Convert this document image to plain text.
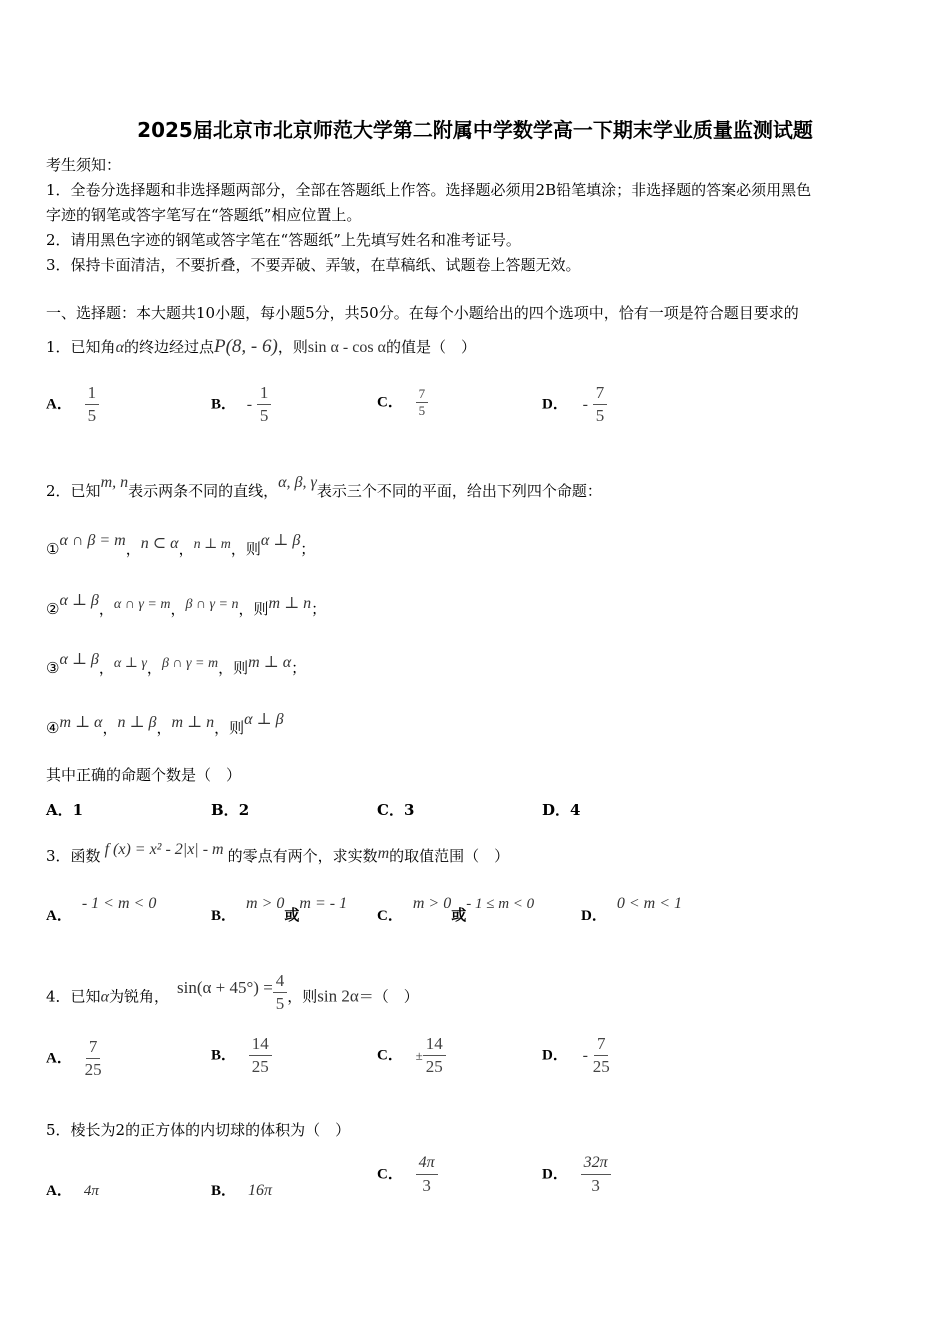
2025届北京市北京师范大学第二附属中学数学高一下期末学业质量监测试题
考生须知：
1．全卷分选择题和非选择题两部分，全部在答题纸上作答。选择题必须用2B铅笔填涂；非选择题的答案必须用黑色
字迹的钢笔或答字笔写在“答题纸”相应位置上。
2．请用黑色字迹的钢笔或答字笔在“答题纸”上先填写姓名和准考证号。
3．保持卡面清洁，不要折叠，不要弄破、弄皱，在草稿纸、试题卷上答题无效。
一、选择题：本大题共10小题，每小题5分，共50分。在每个小题给出的四个选项中，恰有一项是符合题目要求的
1．已知角α的终边经过点P(8, - 6)，则sin α - cos α的值是（　）
A． $\frac{1}{5}$	B． - $\frac{1}{5}$	C． $\frac{7}{5}$	D． - $\frac{7}{5}$
2．已知m, n表示两条不同的直线，α, β, γ表示三个不同的平面，给出下列四个命题：
①α ∩ β = m，n ⊂ α，n ⊥ m，则α ⊥ β；
②α ⊥ β，α ∩ γ = m，β ∩ γ = n，则m ⊥ n；
③α ⊥ β，α ⊥ γ，β ∩ γ = m，则m ⊥ α；
④m ⊥ α，n ⊥ β，m ⊥ n，则α ⊥ β
其中正确的命题个数是（　）
A．1	B．2	C．3	D．4
3．函数 f (x) = x² - 2|x| - m 的零点有两个，求实数m的取值范围（　）
A．- 1 < m < 0
B．m > 0或m = - 1
C．m > 0或- 1 ≤ m < 0
D．0 < m < 1
4．已知α为锐角， $\sin(\alpha + 45^\circ) = \frac{4}{5}$ ，则sin 2α＝（　）
A． $\frac{7}{25}$	B． $\frac{14}{25}$	C． ± $\frac{14}{25}$	D． - $\frac{7}{25}$
5．棱长为2的正方体的内切球的体积为（　）
A． 4π	B． 16π
C． $\frac{4\pi}{3}$	D． $\frac{32\pi}{3}$
